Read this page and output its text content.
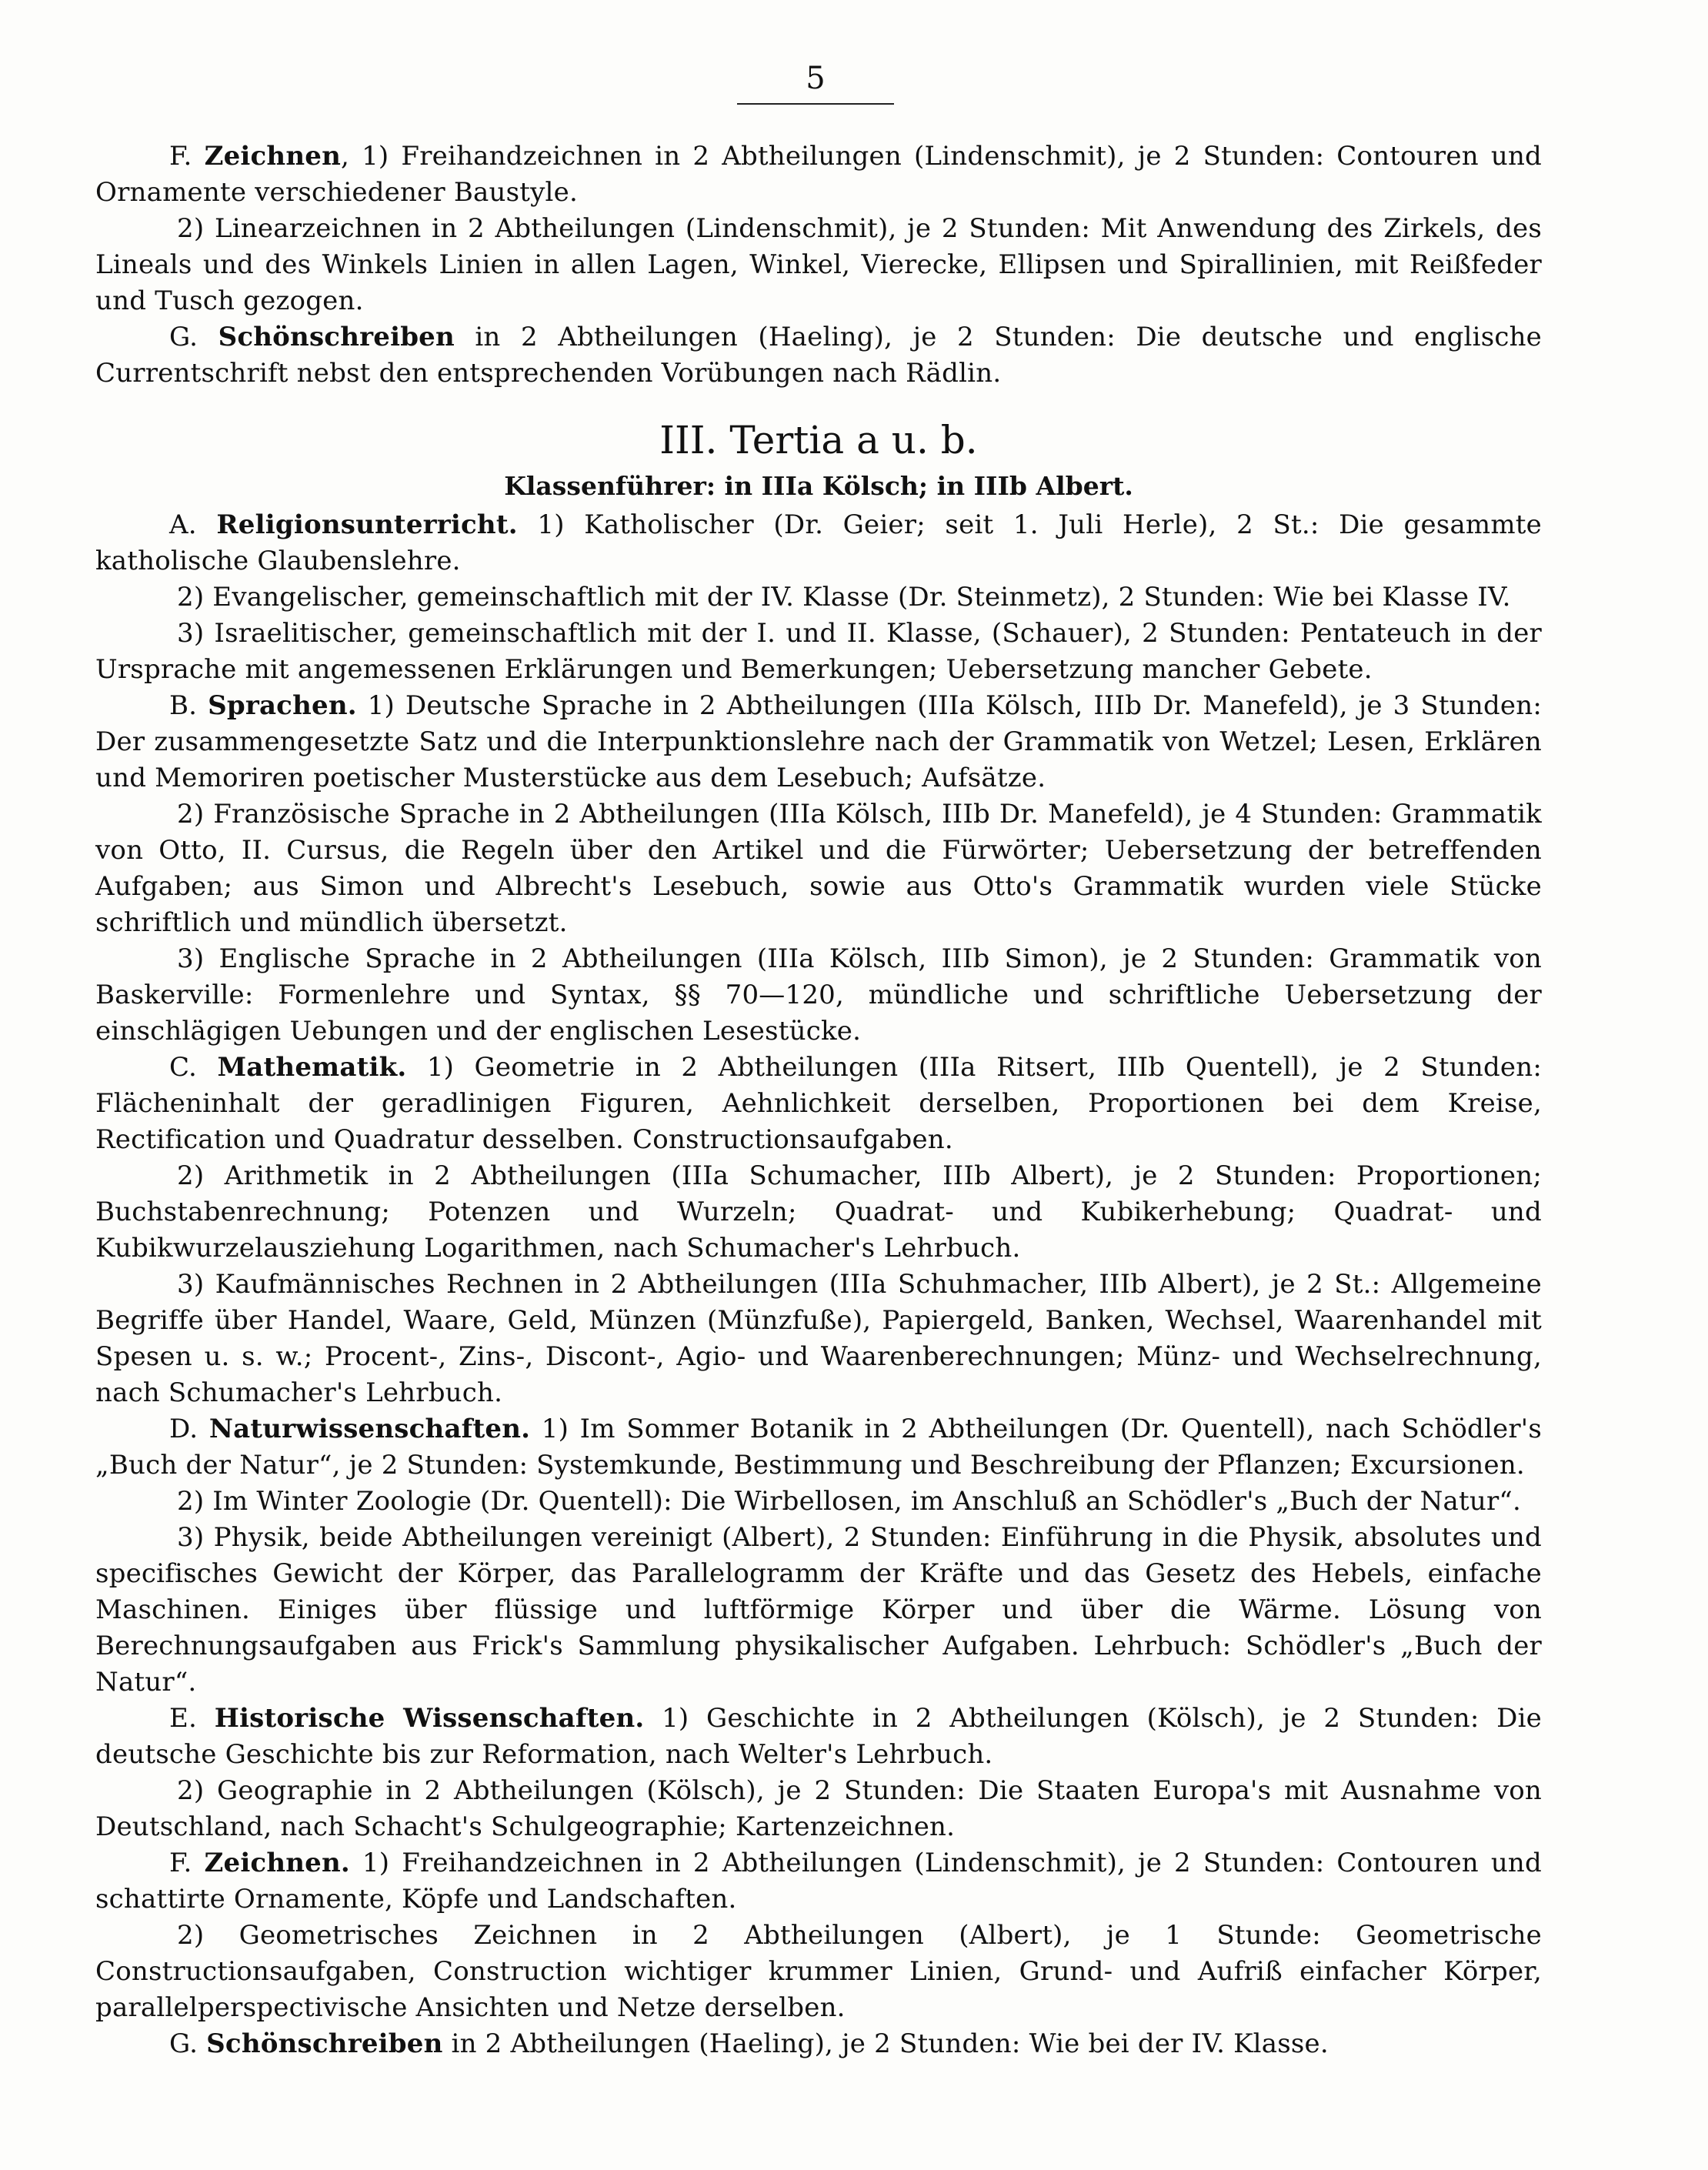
5

F. Zeichnen, 1) Freihandzeichnen in 2 Abtheilungen (Lindenschmit), je 2 Stunden: Contouren und Ornamente verschiedener Baustyle.

2) Linearzeichnen in 2 Abtheilungen (Lindenschmit), je 2 Stunden: Mit Anwendung des Zirkels, des Lineals und des Winkels Linien in allen Lagen, Winkel, Vierecke, Ellipsen und Spirallinien, mit Reißfeder und Tusch gezogen.

G. Schönschreiben in 2 Abtheilungen (Haeling), je 2 Stunden: Die deutsche und englische Currentschrift nebst den entsprechenden Vorübungen nach Rädlin.

III. Tertia a u. b.
Klassenführer: in IIIa Kölsch; in IIIb Albert.

A. Religionsunterricht. 1) Katholischer (Dr. Geier; seit 1. Juli Herle), 2 St.: Die gesammte katholische Glaubenslehre.

2) Evangelischer, gemeinschaftlich mit der IV. Klasse (Dr. Steinmetz), 2 Stunden: Wie bei Klasse IV.

3) Israelitischer, gemeinschaftlich mit der I. und II. Klasse, (Schauer), 2 Stunden: Pentateuch in der Ursprache mit angemessenen Erklärungen und Bemerkungen; Uebersetzung mancher Gebete.

B. Sprachen. 1) Deutsche Sprache in 2 Abtheilungen (IIIa Kölsch, IIIb Dr. Manefeld), je 3 Stunden: Der zusammengesetzte Satz und die Interpunktionslehre nach der Grammatik von Wetzel; Lesen, Erklären und Memoriren poetischer Musterstücke aus dem Lesebuch; Aufsätze.

2) Französische Sprache in 2 Abtheilungen (IIIa Kölsch, IIIb Dr. Manefeld), je 4 Stunden: Grammatik von Otto, II. Cursus, die Regeln über den Artikel und die Fürwörter; Uebersetzung der betreffenden Aufgaben; aus Simon und Albrecht's Lesebuch, sowie aus Otto's Grammatik wurden viele Stücke schriftlich und mündlich übersetzt.

3) Englische Sprache in 2 Abtheilungen (IIIa Kölsch, IIIb Simon), je 2 Stunden: Grammatik von Baskerville: Formenlehre und Syntax, §§ 70—120, mündliche und schriftliche Uebersetzung der einschlägigen Uebungen und der englischen Lesestücke.

C. Mathematik. 1) Geometrie in 2 Abtheilungen (IIIa Ritsert, IIIb Quentell), je 2 Stunden: Flächeninhalt der geradlinigen Figuren, Aehnlichkeit derselben, Proportionen bei dem Kreise, Rectification und Quadratur desselben. Constructionsaufgaben.

2) Arithmetik in 2 Abtheilungen (IIIa Schumacher, IIIb Albert), je 2 Stunden: Proportionen; Buchstabenrechnung; Potenzen und Wurzeln; Quadrat- und Kubikerhebung; Quadrat- und Kubikwurzelausziehung Logarithmen, nach Schumacher's Lehrbuch.

3) Kaufmännisches Rechnen in 2 Abtheilungen (IIIa Schuhmacher, IIIb Albert), je 2 St.: Allgemeine Begriffe über Handel, Waare, Geld, Münzen (Münzfuße), Papiergeld, Banken, Wechsel, Waarenhandel mit Spesen u. s. w.; Procent-, Zins-, Discont-, Agio- und Waarenberechnungen; Münz- und Wechselrechnung, nach Schumacher's Lehrbuch.

D. Naturwissenschaften. 1) Im Sommer Botanik in 2 Abtheilungen (Dr. Quentell), nach Schödler's „Buch der Natur“, je 2 Stunden: Systemkunde, Bestimmung und Beschreibung der Pflanzen; Excursionen.

2) Im Winter Zoologie (Dr. Quentell): Die Wirbellosen, im Anschluß an Schödler's „Buch der Natur“.

3) Physik, beide Abtheilungen vereinigt (Albert), 2 Stunden: Einführung in die Physik, absolutes und specifisches Gewicht der Körper, das Parallelogramm der Kräfte und das Gesetz des Hebels, einfache Maschinen. Einiges über flüssige und luftförmige Körper und über die Wärme. Lösung von Berechnungsaufgaben aus Frick's Sammlung physikalischer Aufgaben. Lehrbuch: Schödler's „Buch der Natur“.

E. Historische Wissenschaften. 1) Geschichte in 2 Abtheilungen (Kölsch), je 2 Stunden: Die deutsche Geschichte bis zur Reformation, nach Welter's Lehrbuch.

2) Geographie in 2 Abtheilungen (Kölsch), je 2 Stunden: Die Staaten Europa's mit Ausnahme von Deutschland, nach Schacht's Schulgeographie; Kartenzeichnen.

F. Zeichnen. 1) Freihandzeichnen in 2 Abtheilungen (Lindenschmit), je 2 Stunden: Contouren und schattirte Ornamente, Köpfe und Landschaften.

2) Geometrisches Zeichnen in 2 Abtheilungen (Albert), je 1 Stunde: Geometrische Constructionsaufgaben, Construction wichtiger krummer Linien, Grund- und Aufriß einfacher Körper, parallelperspectivische Ansichten und Netze derselben.

G. Schönschreiben in 2 Abtheilungen (Haeling), je 2 Stunden: Wie bei der IV. Klasse.
